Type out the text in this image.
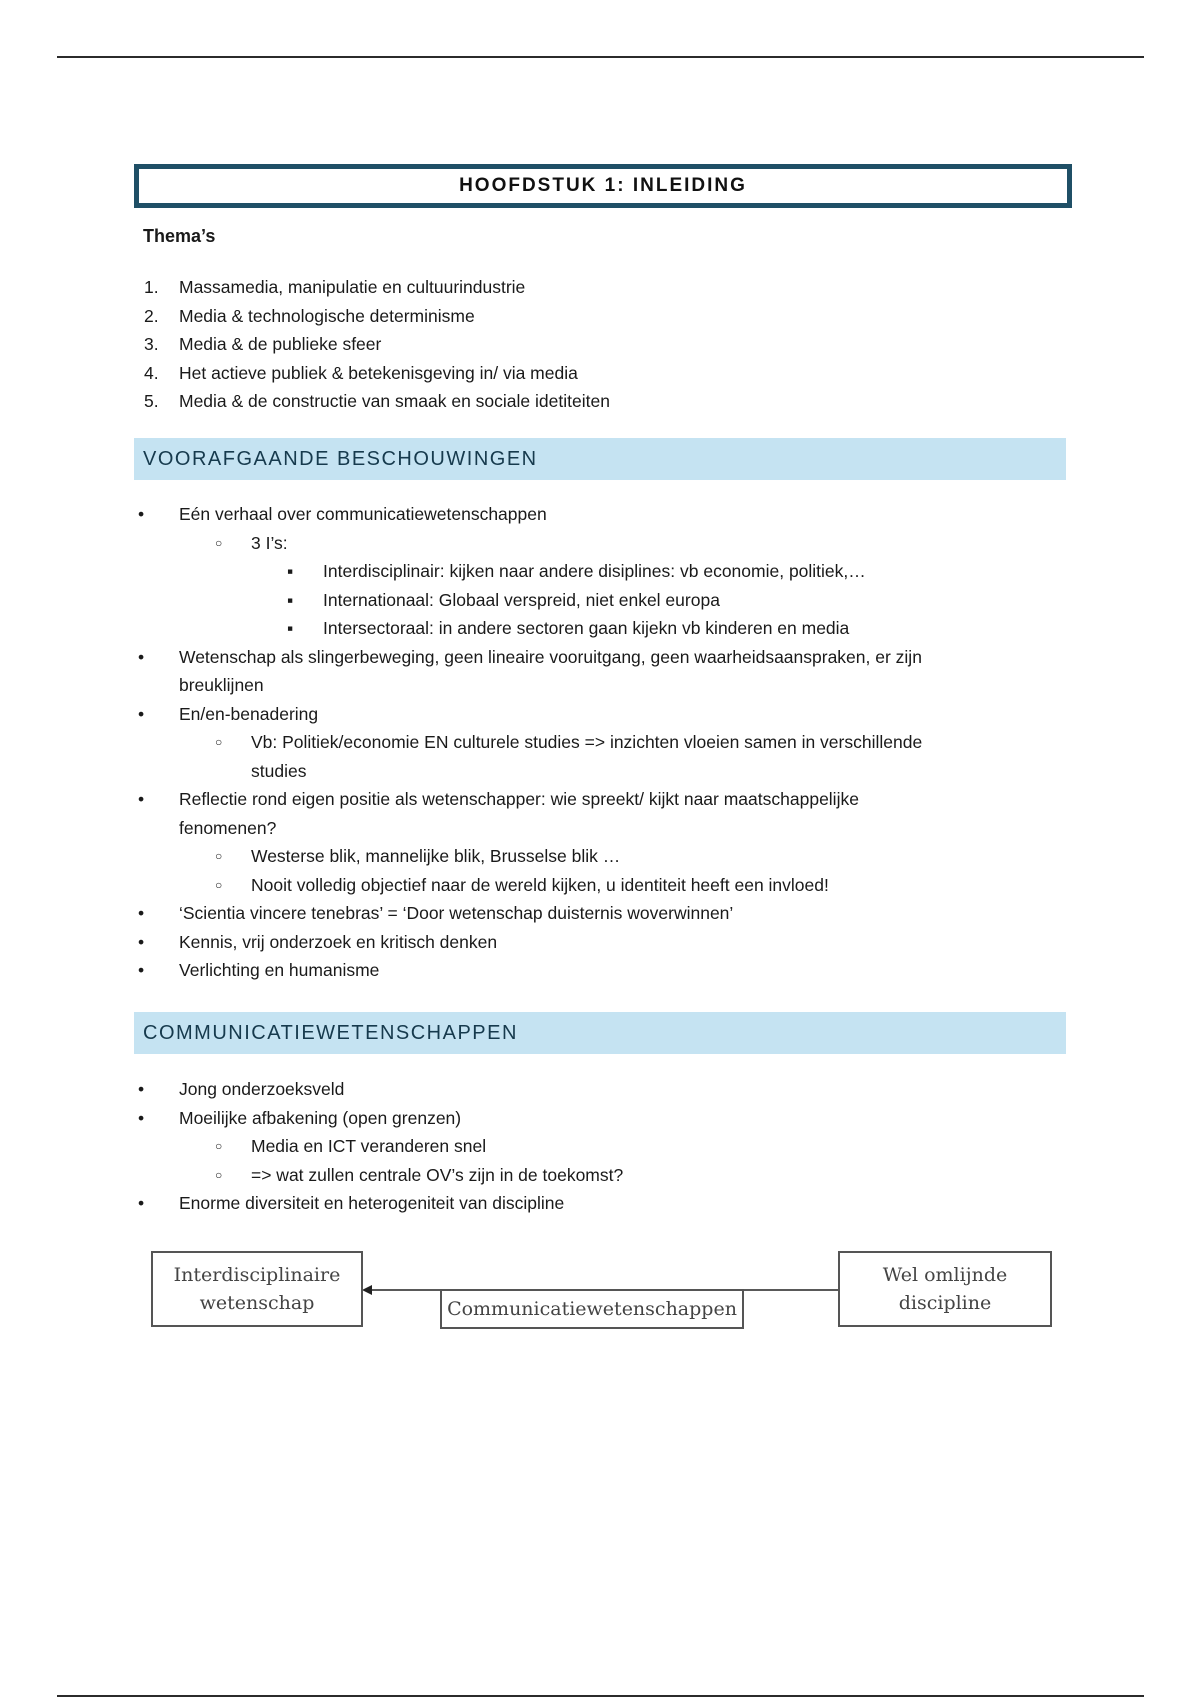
HOOFDSTUK 1: INLEIDING
Thema’s
1. Massamedia, manipulatie en cultuurindustrie
2. Media & technologische determinisme
3. Media & de publieke sfeer
4. Het actieve publiek & betekenisgeving in/ via media
5. Media & de constructie van smaak en sociale idetiteiten
VOORAFGAANDE BESCHOUWINGEN
•
Eén verhaal over communicatiewetenschappen
○
3 I’s:
▪
Interdisciplinair: kijken naar andere disiplines: vb economie, politiek,…
▪
Internationaal: Globaal verspreid, niet enkel europa
▪
Intersectoraal: in andere sectoren gaan kijekn vb kinderen en media
•
Wetenschap als slingerbeweging, geen lineaire vooruitgang, geen waarheidsaanspraken, er zijn
breuklijnen
•
En/en-benadering
○
Vb: Politiek/economie EN culturele studies => inzichten vloeien samen in verschillende
studies
•
Reflectie rond eigen positie als wetenschapper: wie spreekt/ kijkt naar maatschappelijke
fenomenen?
○
Westerse blik, mannelijke blik, Brusselse blik …
○
Nooit volledig objectief naar de wereld kijken, u identiteit heeft een invloed!
•
‘Scientia vincere tenebras’ = ‘Door wetenschap duisternis woverwinnen’
•
Kennis, vrij onderzoek en kritisch denken
•
Verlichting en humanisme
COMMUNICATIEWETENSCHAPPEN
•
Jong onderzoeksveld
•
Moeilijke afbakening (open grenzen)
○
Media en ICT veranderen snel
○
=> wat zullen centrale OV’s zijn in de toekomst?
•
Enorme diversiteit en heterogeniteit van discipline
Interdisciplinaire
wetenschap	Communicatiewetenschappen
Wel omlijnde
discipline
